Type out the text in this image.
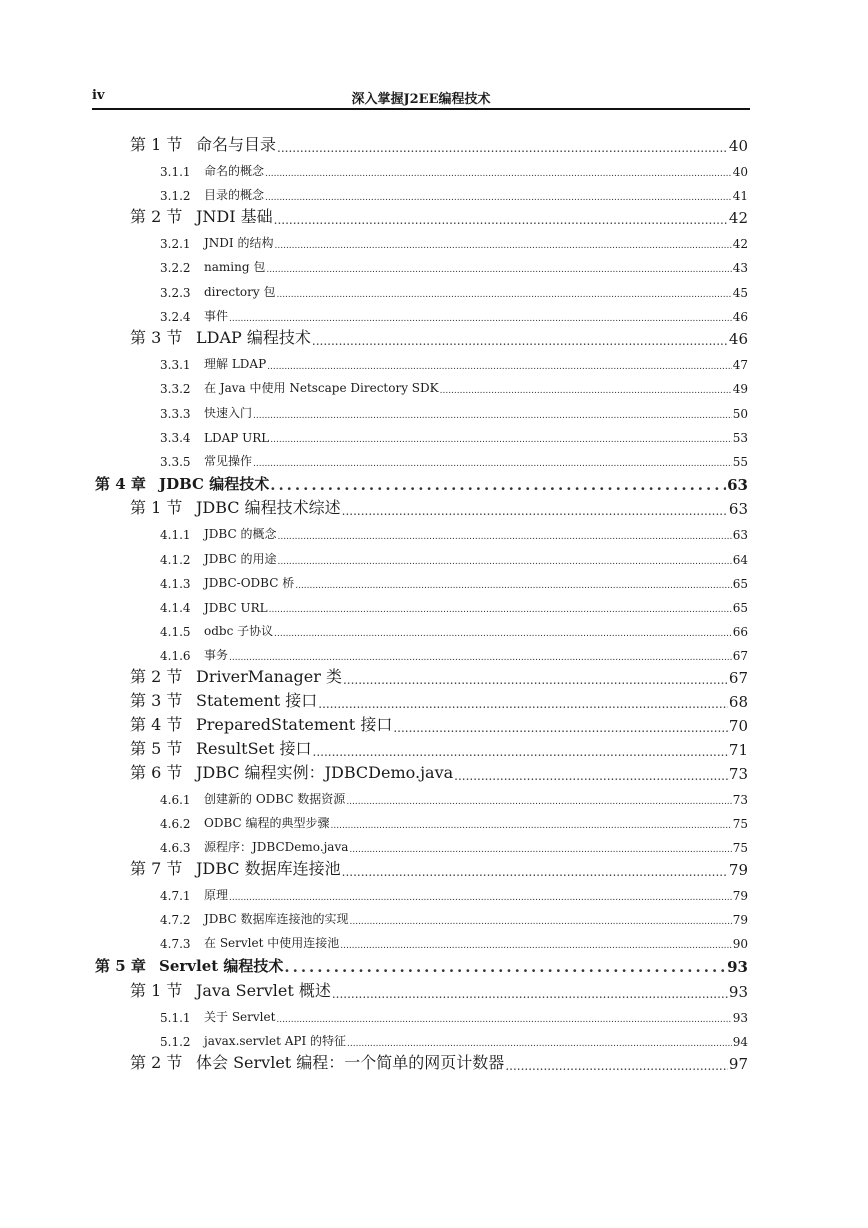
iv	深入掌握J2EE编程技术
第 1 节 命名与目录 .....	40
3.1.1	命名的概念 .....	40
3.1.2	目录的概念 .....	41
第 2 节 JNDI 基础 .....	42
3.2.1	JNDI 的结构 .....	42
3.2.2	naming 包 .....	43
3.2.3	directory 包 .....	45
3.2.4	事件 .....	46
第 3 节 LDAP 编程技术 .....	46
3.3.1	理解 LDAP .....	47
3.3.2	在 Java 中使用 Netscape Directory SDK .....	49
3.3.3	快速入门 .....	50
3.3.4	LDAP URL .....	53
3.3.5	常见操作 .....	55
第 4 章 JDBC 编程技术 .....	63
第 1 节 JDBC 编程技术综述 .....	63
4.1.1	JDBC 的概念 .....	63
4.1.2	JDBC 的用途 .....	64
4.1.3	JDBC-ODBC 桥 .....	65
4.1.4	JDBC URL .....	65
4.1.5	odbc 子协议 .....	66
4.1.6	事务 .....	67
第 2 节 DriverManager 类 .....	67
第 3 节 Statement 接口 .....	68
第 4 节 PreparedStatement 接口 .....	70
第 5 节 ResultSet 接口 .....	71
第 6 节 JDBC 编程实例：JDBCDemo.java .....	73
4.6.1	创建新的 ODBC 数据资源 .....	73
4.6.2	ODBC 编程的典型步骤 .....	75
4.6.3	源程序：JDBCDemo.java .....	75
第 7 节 JDBC 数据库连接池 .....	79
4.7.1	原理 .....	79
4.7.2	JDBC 数据库连接池的实现 .....	79
4.7.3	在 Servlet 中使用连接池 .....	90
第 5 章 Servlet 编程技术 .....	93
第 1 节 Java Servlet 概述 .....	93
5.1.1	关于 Servlet .....	93
5.1.2	javax.servlet API 的特征 .....	94
第 2 节 体会 Servlet 编程：一个简单的网页计数器 .....	97
